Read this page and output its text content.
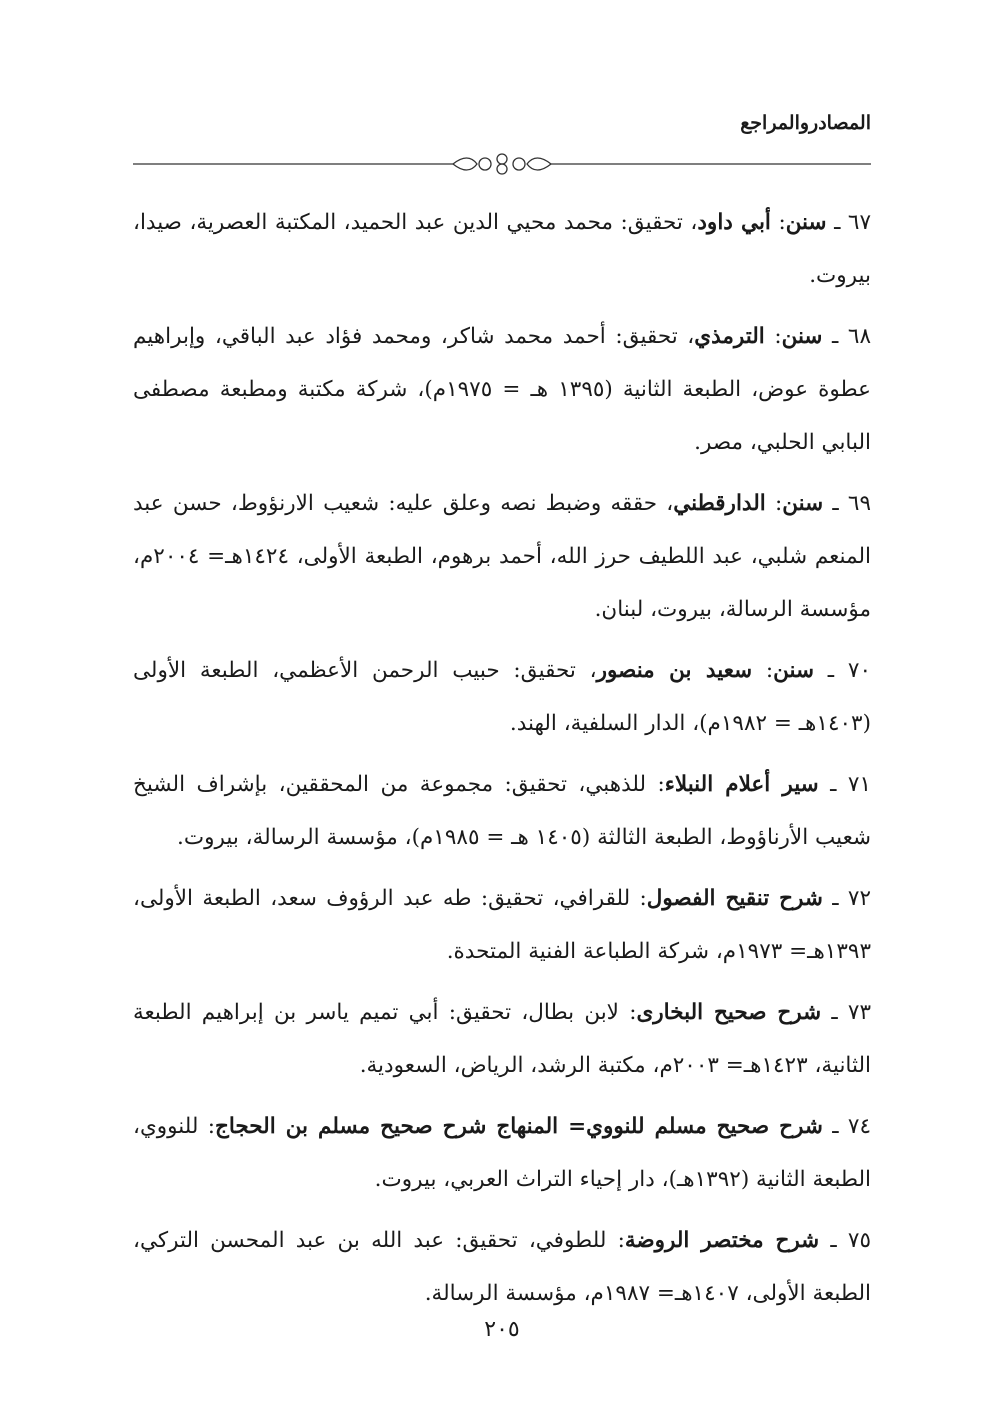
المصادروالمراجع

٦٧ ـ سنن: أبي داود، تحقيق: محمد محيي الدين عبد الحميد، المكتبة العصرية، صيدا، بيروت.

٦٨ ـ سنن: الترمذي، تحقيق: أحمد محمد شاكر، ومحمد فؤاد عبد الباقي، وإبراهيم عطوة عوض، الطبعة الثانية (١٣٩٥ هـ = ١٩٧٥م)، شركة مكتبة ومطبعة مصطفى البابي الحلبي، مصر.

٦٩ ـ سنن: الدارقطني، حققه وضبط نصه وعلق عليه: شعيب الارنؤوط، حسن عبد المنعم شلبي، عبد اللطيف حرز الله، أحمد برهوم، الطبعة الأولى، ١٤٢٤هـ= ٢٠٠٤م، مؤسسة الرسالة، بيروت، لبنان.

٧٠ ـ سنن: سعيد بن منصور، تحقيق: حبيب الرحمن الأعظمي، الطبعة الأولى (١٤٠٣هـ = ١٩٨٢م)، الدار السلفية، الهند.

٧١ ـ سير أعلام النبلاء: للذهبي، تحقيق: مجموعة من المحققين، بإشراف الشيخ شعيب الأرناؤوط، الطبعة الثالثة (١٤٠٥ هـ = ١٩٨٥م)، مؤسسة الرسالة، بيروت.

٧٢ ـ شرح تنقيح الفصول: للقرافي، تحقيق: طه عبد الرؤوف سعد، الطبعة الأولى، ١٣٩٣هـ= ١٩٧٣م، شركة الطباعة الفنية المتحدة.

٧٣ ـ شرح صحيح البخارى: لابن بطال، تحقيق: أبي تميم ياسر بن إبراهيم الطبعة الثانية، ١٤٢٣هـ= ٢٠٠٣م، مكتبة الرشد، الرياض، السعودية.

٧٤ ـ شرح صحيح مسلم للنووي= المنهاج شرح صحيح مسلم بن الحجاج: للنووي، الطبعة الثانية (١٣٩٢هـ)، دار إحياء التراث العربي، بيروت.

٧٥ ـ شرح مختصر الروضة: للطوفي، تحقيق: عبد الله بن عبد المحسن التركي، الطبعة الأولى، ١٤٠٧هـ= ١٩٨٧م، مؤسسة الرسالة.

٢٠٥
